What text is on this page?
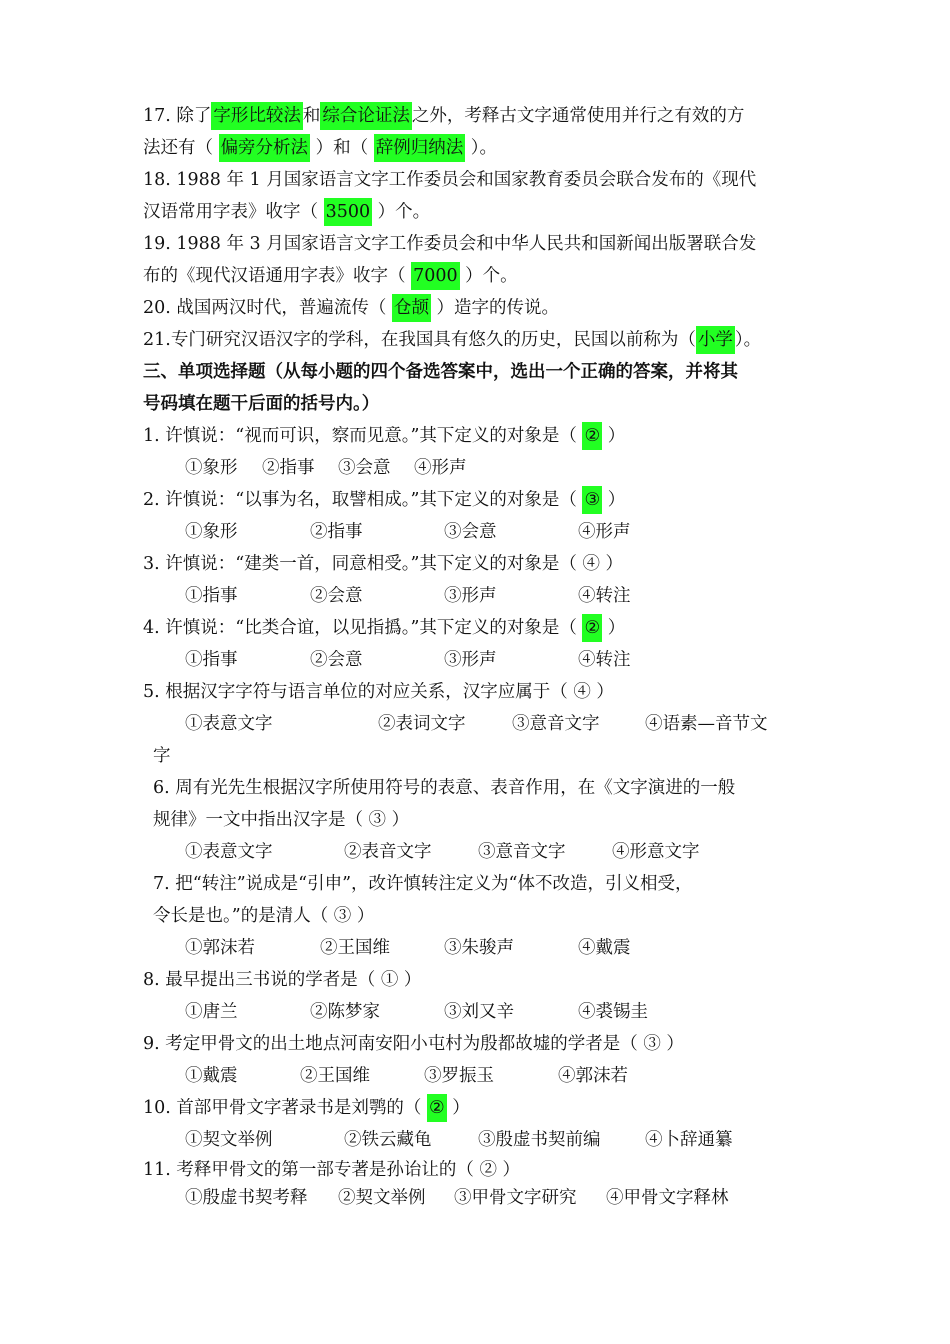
17. 除了 字形比较法 和 综合论证法 之外，考释古文字通常使用并行之有效的方
法还有（ 偏旁分析法 ）和（ 辞例归纳法 ）。
18. 1988 年 1 月国家语言文字工作委员会和国家教育委员会联合发布的《现代
汉语常用字表》收字（ 3500 ）个。
19. 1988 年 3 月国家语言文字工作委员会和中华人民共和国新闻出版署联合发
布的《现代汉语通用字表》收字（ 7000 ）个。
20. 战国两汉时代，普遍流传（ 仓颉 ）造字的传说。
21.专门研究汉语汉字的学科，在我国具有悠久的历史，民国以前称为（ 小学 ）。
三、单项选择题（从每小题的四个备选答案中，选出一个正确的答案，并将其
号码填在题干后面的括号内。）
1. 许慎说：“视而可识，察而见意。”其下定义的对象是（ ② ）
①象形 ②指事 ③会意 ④形声
2. 许慎说：“以事为名，取譬相成。”其下定义的对象是（ ③ ）
①象形	②指事	③会意	④形声
3. 许慎说：“建类一首，同意相受。”其下定义的对象是（ ④ ）
①指事	②会意	③形声	④转注
4. 许慎说：“比类合谊，以见指撝。”其下定义的对象是（ ② ）
①指事	②会意	③形声	④转注
5. 根据汉字字符与语言单位的对应关系，汉字应属于（ ④ ）
①表意文字	②表词文字	③意音文字	④语素—音节文
字
6. 周有光先生根据汉字所使用符号的表意、表音作用，在《文字演进的一般
规律》一文中指出汉字是（ ③ ）
①表意文字	②表音文字	③意音文字	④形意文字
7. 把“转注”说成是“引申”，改许慎转注定义为“体不改造，引义相受，
令长是也。”的是清人（ ③ ）
①郭沫若	②王国维	③朱骏声	④戴震
8. 最早提出三书说的学者是（ ① ）
①唐兰	②陈梦家	③刘又辛	④裘锡圭
9. 考定甲骨文的出土地点河南安阳小屯村为殷都故墟的学者是（ ③ ）
①戴震	②王国维	③罗振玉	④郭沫若
10. 首部甲骨文字著录书是刘鹗的（ ② ）
①契文举例	②铁云藏龟	③殷虚书契前编	④卜辞通纂
11. 考释甲骨文的第一部专著是孙诒让的（ ② ）
①殷虚书契考释 ②契文举例 ③甲骨文字研究 ④甲骨文字释林
